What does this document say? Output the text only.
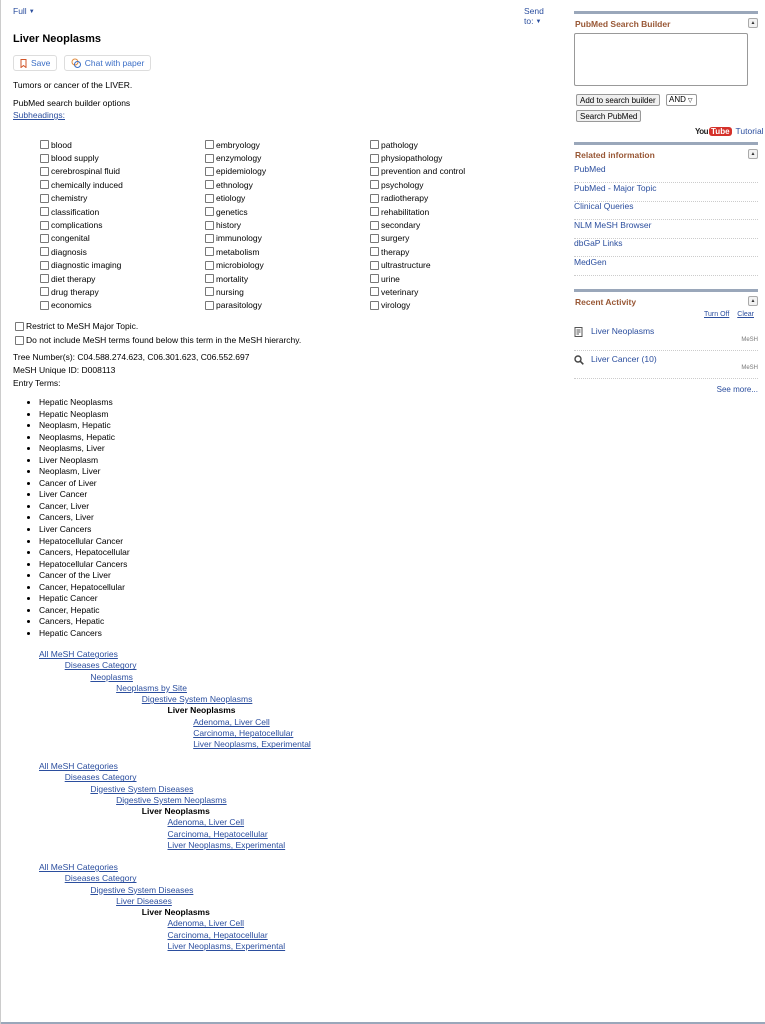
Full ▼	Send to: ▼
Liver Neoplasms
Save
	Chat with paper
Tumors or cancer of the LIVER.
PubMed search builder options
Subheadings:
blood
blood supply
cerebrospinal fluid
chemically induced
chemistry
classification
complications
congenital
diagnosis
diagnostic imaging
diet therapy
drug therapy
economics
embryology
enzymology
epidemiology
ethnology
etiology
genetics
history
immunology
metabolism
microbiology
mortality
nursing
parasitology
pathology
physiopathology
prevention and control
psychology
radiotherapy
rehabilitation
secondary
surgery
therapy
ultrastructure
urine
veterinary
virology
Restrict to MeSH Major Topic.
Do not include MeSH terms found below this term in the MeSH hierarchy.
Tree Number(s): C04.588.274.623, C06.301.623, C06.552.697
MeSH Unique ID: D008113
Entry Terms:
• Hepatic Neoplasms
• Hepatic Neoplasm
• Neoplasm, Hepatic
• Neoplasms, Hepatic
• Neoplasms, Liver
• Liver Neoplasm
• Neoplasm, Liver
• Cancer of Liver
• Liver Cancer
• Cancer, Liver
• Cancers, Liver
• Liver Cancers
• Hepatocellular Cancer
• Cancers, Hepatocellular
• Hepatocellular Cancers
• Cancer of the Liver
• Cancer, Hepatocellular
• Hepatic Cancer
• Cancer, Hepatic
• Cancers, Hepatic
• Hepatic Cancers
All MeSH Categories
Diseases Category
Neoplasms
Neoplasms by Site
Digestive System Neoplasms
Liver Neoplasms
Adenoma, Liver Cell
Carcinoma, Hepatocellular
Liver Neoplasms, Experimental
All MeSH Categories
Diseases Category
Digestive System Diseases
Digestive System Neoplasms
Liver Neoplasms
Adenoma, Liver Cell
Carcinoma, Hepatocellular
Liver Neoplasms, Experimental
All MeSH Categories
Diseases Category
Digestive System Diseases
Liver Diseases
Liver Neoplasms
Adenoma, Liver Cell
Carcinoma, Hepatocellular
Liver Neoplasms, Experimental
PubMed Search Builder	▲
Add to search builder	AND ▽
Search PubMed
You Tube Tutorial
Related information	▲
PubMed
PubMed - Major Topic
Clinical Queries
NLM MeSH Browser
dbGaP Links
MedGen
Recent Activity	▲
Turn Off Clear
Liver Neoplasms
MeSH
Liver Cancer (10)
MeSH
See more...
